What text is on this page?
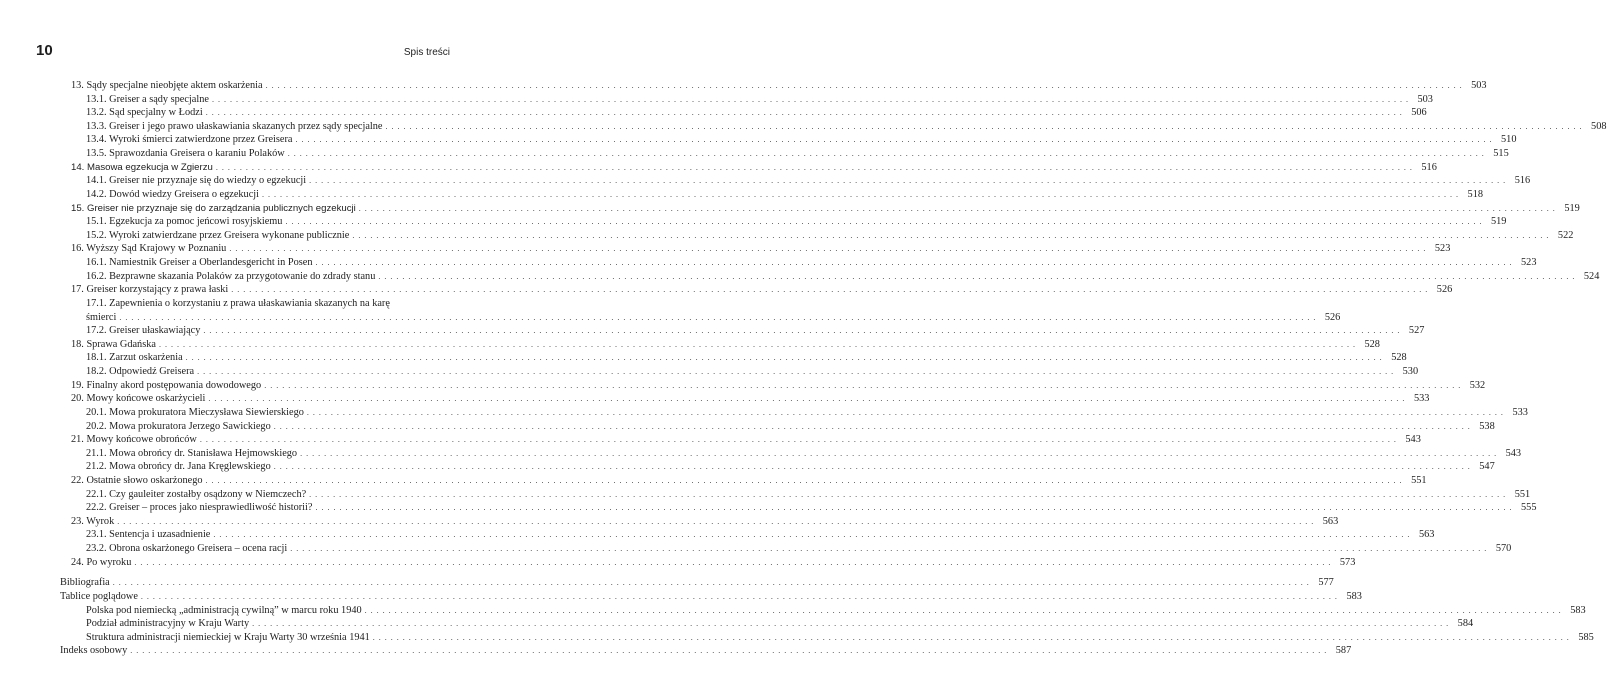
10	Spis treści
13. Sądy specjalne nieobjęte aktem oskarżenia . . . . . . . . . . . . . . . . . . . . . . . . . . . . . . . . . . . . . . . . . . . . . . . . . . . . . . . . . . . . . . . . . . . . . . . . . . . . . . . . . . . . . . . . . . . . . . . . . . . . . . . . . . . . . . . . . . . . . . . . . . . . . . . . . . . . . . . . . . . . . . . . . . . . . . . . . . . . . . . . . . . . . . . . . . . . . . . . . . . . . . . . . . . . . . . . . . . . . . . . 503
13.1. Greiser a sądy specjalne . . . . . . . . . . . . . . . . . . . . . . . . . . . . . . . . . . . . . . . . . . . . . . . . . . . . . . . . . . . . . . . . . . . . . . . . . . . . . . . . . . . . . . . . . . . . . . . . . . . . . . . . . . . . . . . . . . . . . . . . . . . . . . . . . . . . . . . . . . . . . . . . . . . . . . . . . . . . . . . . . . . . . . . . . . . . . . . . . . . . . . . . . . . . . . . . . . . . . . . . 503
13.2. Sąd specjalny w Łodzi . . . . . . . . . . . . . . . . . . . . . . . . . . . . . . . . . . . . . . . . . . . . . . . . . . . . . . . . . . . . . . . . . . . . . . . . . . . . . . . . . . . . . . . . . . . . . . . . . . . . . . . . . . . . . . . . . . . . . . . . . . . . . . . . . . . . . . . . . . . . . . . . . . . . . . . . . . . . . . . . . . . . . . . . . . . . . . . . . . . . . . . . . . . . . . . . . . . . . . . . 506
13.3. Greiser i jego prawo ułaskawiania skazanych przez sądy specjalne . . . . . . . . . . . . . . . . . . . . . . . . . . . . . . . . . . . . . . . . . . . . . . . . . . . . . . . . . . . . . . . . . . . . . . . . . . . . . . . . . . . . . . . . . . . . . . . . . . . . . . . . . . . . . . . . . . . . . . . . . . . . . . . . . . . . . . . . . . . . . . . . . . . . . . . . . . . . . . . . . . . . . . . . . . . . . . . . . . . . . . . . . . . . . . . . . . . . . . . . 508
13.4. Wyroki śmierci zatwierdzone przez Greisera . . . . . . . . . . . . . . . . . . . . . . . . . . . . . . . . . . . . . . . . . . . . . . . . . . . . . . . . . . . . . . . . . . . . . . . . . . . . . . . . . . . . . . . . . . . . . . . . . . . . . . . . . . . . . . . . . . . . . . . . . . . . . . . . . . . . . . . . . . . . . . . . . . . . . . . . . . . . . . . . . . . . . . . . . . . . . . . . . . . . . . . . . . . . . . . . . . . . . . . . 510
13.5. Sprawozdania Greisera o karaniu Polaków . . . . . . . . . . . . . . . . . . . . . . . . . . . . . . . . . . . . . . . . . . . . . . . . . . . . . . . . . . . . . . . . . . . . . . . . . . . . . . . . . . . . . . . . . . . . . . . . . . . . . . . . . . . . . . . . . . . . . . . . . . . . . . . . . . . . . . . . . . . . . . . . . . . . . . . . . . . . . . . . . . . . . . . . . . . . . . . . . . . . . . . . . . . . . . . . . . . . . . . . 515
14. Masowa egzekucja w Zgierzu . . . . . . . . . . . . . . . . . . . . . . . . . . . . . . . . . . . . . . . . . . . . . . . . . . . . . . . . . . . . . . . . . . . . . . . . . . . . . . . . . . . . . . . . . . . . . . . . . . . . . . . . . . . . . . . . . . . . . . . . . . . . . . . . . . . . . . . . . . . . . . . . . . . . . . . . . . . . . . . . . . . . . . . . . . . . . . . . . . . . . . . . . . . . . . . . . . . . . . . . 516
14.1. Greiser nie przyznaje się do wiedzy o egzekucji . . . . . . . . . . . . . . . . . . . . . . . . . . . . . . . . . . . . . . . . . . . . . . . . . . . . . . . . . . . . . . . . . . . . . . . . . . . . . . . . . . . . . . . . . . . . . . . . . . . . . . . . . . . . . . . . . . . . . . . . . . . . . . . . . . . . . . . . . . . . . . . . . . . . . . . . . . . . . . . . . . . . . . . . . . . . . . . . . . . . . . . . . . . . . . . . . . . . . . . . 516
14.2. Dowód wiedzy Greisera o egzekucji . . . . . . . . . . . . . . . . . . . . . . . . . . . . . . . . . . . . . . . . . . . . . . . . . . . . . . . . . . . . . . . . . . . . . . . . . . . . . . . . . . . . . . . . . . . . . . . . . . . . . . . . . . . . . . . . . . . . . . . . . . . . . . . . . . . . . . . . . . . . . . . . . . . . . . . . . . . . . . . . . . . . . . . . . . . . . . . . . . . . . . . . . . . . . . . . . . . . . . . . 518
15. Greiser nie przyznaje się do zarządzania publicznych egzekucji . . . . . . . . . . . . . . . . . . . . . . . . . . . . . . . . . . . . . . . . . . . . . . . . . . . . . . . . . . . . . . . . . . . . . . . . . . . . . . . . . . . . . . . . . . . . . . . . . . . . . . . . . . . . . . . . . . . . . . . . . . . . . . . . . . . . . . . . . . . . . . . . . . . . . . . . . . . . . . . . . . . . . . . . . . . . . . . . . . . . . . . . . . . . . . . . . . . . . . . . 519
15.1. Egzekucja za pomoc jeńcowi rosyjskiemu . . . . . . . . . . . . . . . . . . . . . . . . . . . . . . . . . . . . . . . . . . . . . . . . . . . . . . . . . . . . . . . . . . . . . . . . . . . . . . . . . . . . . . . . . . . . . . . . . . . . . . . . . . . . . . . . . . . . . . . . . . . . . . . . . . . . . . . . . . . . . . . . . . . . . . . . . . . . . . . . . . . . . . . . . . . . . . . . . . . . . . . . . . . . . . . . . . . . . . . . 519
15.2. Wyroki zatwierdzane przez Greisera wykonane publicznie . . . . . . . . . . . . . . . . . . . . . . . . . . . . . . . . . . . . . . . . . . . . . . . . . . . . . . . . . . . . . . . . . . . . . . . . . . . . . . . . . . . . . . . . . . . . . . . . . . . . . . . . . . . . . . . . . . . . . . . . . . . . . . . . . . . . . . . . . . . . . . . . . . . . . . . . . . . . . . . . . . . . . . . . . . . . . . . . . . . . . . . . . . . . . . . . . . . . . . . . 522
16. Wyższy Sąd Krajowy w Poznaniu . . . . . . . . . . . . . . . . . . . . . . . . . . . . . . . . . . . . . . . . . . . . . . . . . . . . . . . . . . . . . . . . . . . . . . . . . . . . . . . . . . . . . . . . . . . . . . . . . . . . . . . . . . . . . . . . . . . . . . . . . . . . . . . . . . . . . . . . . . . . . . . . . . . . . . . . . . . . . . . . . . . . . . . . . . . . . . . . . . . . . . . . . . . . . . . . . . . . . . . . 523
16.1. Namiestnik Greiser a Oberlandesgericht in Posen . . . . . . . . . . . . . . . . . . . . . . . . . . . . . . . . . . . . . . . . . . . . . . . . . . . . . . . . . . . . . . . . . . . . . . . . . . . . . . . . . . . . . . . . . . . . . . . . . . . . . . . . . . . . . . . . . . . . . . . . . . . . . . . . . . . . . . . . . . . . . . . . . . . . . . . . . . . . . . . . . . . . . . . . . . . . . . . . . . . . . . . . . . . . . . . . . . . . . . . . 523
16.2. Bezprawne skazania Polaków za przygotowanie do zdrady stanu . . . . . . . . . . . . . . . . . . . . . . . . . . . . . . . . . . . . . . . . . . . . . . . . . . . . . . . . . . . . . . . . . . . . . . . . . . . . . . . . . . . . . . . . . . . . . . . . . . . . . . . . . . . . . . . . . . . . . . . . . . . . . . . . . . . . . . . . . . . . . . . . . . . . . . . . . . . . . . . . . . . . . . . . . . . . . . . . . . . . . . . . . . . . . . . . . . . . . . . . 524
17. Greiser korzystający z prawa łaski . . . . . . . . . . . . . . . . . . . . . . . . . . . . . . . . . . . . . . . . . . . . . . . . . . . . . . . . . . . . . . . . . . . . . . . . . . . . . . . . . . . . . . . . . . . . . . . . . . . . . . . . . . . . . . . . . . . . . . . . . . . . . . . . . . . . . . . . . . . . . . . . . . . . . . . . . . . . . . . . . . . . . . . . . . . . . . . . . . . . . . . . . . . . . . . . . . . . . . . . 526
17.1. Zapewnienia o korzystaniu z prawa ułaskawiania skazanych na karę
śmierci . . . . . . . . . . . . . . . . . . . . . . . . . . . . . . . . . . . . . . . . . . . . . . . . . . . . . . . . . . . . . . . . . . . . . . . . . . . . . . . . . . . . . . . . . . . . . . . . . . . . . . . . . . . . . . . . . . . . . . . . . . . . . . . . . . . . . . . . . . . . . . . . . . . . . . . . . . . . . . . . . . . . . . . . . . . . . . . . . . . . . . . . . . . . . . . . . . . . . . . . 526
17.2. Greiser ułaskawiający . . . . . . . . . . . . . . . . . . . . . . . . . . . . . . . . . . . . . . . . . . . . . . . . . . . . . . . . . . . . . . . . . . . . . . . . . . . . . . . . . . . . . . . . . . . . . . . . . . . . . . . . . . . . . . . . . . . . . . . . . . . . . . . . . . . . . . . . . . . . . . . . . . . . . . . . . . . . . . . . . . . . . . . . . . . . . . . . . . . . . . . . . . . . . . . . . . . . . . . . 527
18. Sprawa Gdańska . . . . . . . . . . . . . . . . . . . . . . . . . . . . . . . . . . . . . . . . . . . . . . . . . . . . . . . . . . . . . . . . . . . . . . . . . . . . . . . . . . . . . . . . . . . . . . . . . . . . . . . . . . . . . . . . . . . . . . . . . . . . . . . . . . . . . . . . . . . . . . . . . . . . . . . . . . . . . . . . . . . . . . . . . . . . . . . . . . . . . . . . . . . . . . . . . . . . . . . . 528
18.1. Zarzut oskarżenia . . . . . . . . . . . . . . . . . . . . . . . . . . . . . . . . . . . . . . . . . . . . . . . . . . . . . . . . . . . . . . . . . . . . . . . . . . . . . . . . . . . . . . . . . . . . . . . . . . . . . . . . . . . . . . . . . . . . . . . . . . . . . . . . . . . . . . . . . . . . . . . . . . . . . . . . . . . . . . . . . . . . . . . . . . . . . . . . . . . . . . . . . . . . . . . . . . . . . . . . 528
18.2. Odpowiedź Greisera . . . . . . . . . . . . . . . . . . . . . . . . . . . . . . . . . . . . . . . . . . . . . . . . . . . . . . . . . . . . . . . . . . . . . . . . . . . . . . . . . . . . . . . . . . . . . . . . . . . . . . . . . . . . . . . . . . . . . . . . . . . . . . . . . . . . . . . . . . . . . . . . . . . . . . . . . . . . . . . . . . . . . . . . . . . . . . . . . . . . . . . . . . . . . . . . . . . . . . . . 530
19. Finalny akord postępowania dowodowego . . . . . . . . . . . . . . . . . . . . . . . . . . . . . . . . . . . . . . . . . . . . . . . . . . . . . . . . . . . . . . . . . . . . . . . . . . . . . . . . . . . . . . . . . . . . . . . . . . . . . . . . . . . . . . . . . . . . . . . . . . . . . . . . . . . . . . . . . . . . . . . . . . . . . . . . . . . . . . . . . . . . . . . . . . . . . . . . . . . . . . . . . . . . . . . . . . . . . . . . 532
20. Mowy końcowe oskarżycieli . . . . . . . . . . . . . . . . . . . . . . . . . . . . . . . . . . . . . . . . . . . . . . . . . . . . . . . . . . . . . . . . . . . . . . . . . . . . . . . . . . . . . . . . . . . . . . . . . . . . . . . . . . . . . . . . . . . . . . . . . . . . . . . . . . . . . . . . . . . . . . . . . . . . . . . . . . . . . . . . . . . . . . . . . . . . . . . . . . . . . . . . . . . . . . . . . . . . . . . . 533
20.1. Mowa prokuratora Mieczysława Siewierskiego . . . . . . . . . . . . . . . . . . . . . . . . . . . . . . . . . . . . . . . . . . . . . . . . . . . . . . . . . . . . . . . . . . . . . . . . . . . . . . . . . . . . . . . . . . . . . . . . . . . . . . . . . . . . . . . . . . . . . . . . . . . . . . . . . . . . . . . . . . . . . . . . . . . . . . . . . . . . . . . . . . . . . . . . . . . . . . . . . . . . . . . . . . . . . . . . . . . . . . . . 533
20.2. Mowa prokuratora Jerzego Sawickiego . . . . . . . . . . . . . . . . . . . . . . . . . . . . . . . . . . . . . . . . . . . . . . . . . . . . . . . . . . . . . . . . . . . . . . . . . . . . . . . . . . . . . . . . . . . . . . . . . . . . . . . . . . . . . . . . . . . . . . . . . . . . . . . . . . . . . . . . . . . . . . . . . . . . . . . . . . . . . . . . . . . . . . . . . . . . . . . . . . . . . . . . . . . . . . . . . . . . . . . . 538
21. Mowy końcowe obrońców . . . . . . . . . . . . . . . . . . . . . . . . . . . . . . . . . . . . . . . . . . . . . . . . . . . . . . . . . . . . . . . . . . . . . . . . . . . . . . . . . . . . . . . . . . . . . . . . . . . . . . . . . . . . . . . . . . . . . . . . . . . . . . . . . . . . . . . . . . . . . . . . . . . . . . . . . . . . . . . . . . . . . . . . . . . . . . . . . . . . . . . . . . . . . . . . . . . . . . . . 543
21.1. Mowa obrońcy dr. Stanisława Hejmowskiego . . . . . . . . . . . . . . . . . . . . . . . . . . . . . . . . . . . . . . . . . . . . . . . . . . . . . . . . . . . . . . . . . . . . . . . . . . . . . . . . . . . . . . . . . . . . . . . . . . . . . . . . . . . . . . . . . . . . . . . . . . . . . . . . . . . . . . . . . . . . . . . . . . . . . . . . . . . . . . . . . . . . . . . . . . . . . . . . . . . . . . . . . . . . . . . . . . . . . . . . 543
21.2. Mowa obrońcy dr. Jana Kręglewskiego . . . . . . . . . . . . . . . . . . . . . . . . . . . . . . . . . . . . . . . . . . . . . . . . . . . . . . . . . . . . . . . . . . . . . . . . . . . . . . . . . . . . . . . . . . . . . . . . . . . . . . . . . . . . . . . . . . . . . . . . . . . . . . . . . . . . . . . . . . . . . . . . . . . . . . . . . . . . . . . . . . . . . . . . . . . . . . . . . . . . . . . . . . . . . . . . . . . . . . . . 547
22. Ostatnie słowo oskarżonego . . . . . . . . . . . . . . . . . . . . . . . . . . . . . . . . . . . . . . . . . . . . . . . . . . . . . . . . . . . . . . . . . . . . . . . . . . . . . . . . . . . . . . . . . . . . . . . . . . . . . . . . . . . . . . . . . . . . . . . . . . . . . . . . . . . . . . . . . . . . . . . . . . . . . . . . . . . . . . . . . . . . . . . . . . . . . . . . . . . . . . . . . . . . . . . . . . . . . . . . 551
22.1. Czy gauleiter zostałby osądzony w Niemczech? . . . . . . . . . . . . . . . . . . . . . . . . . . . . . . . . . . . . . . . . . . . . . . . . . . . . . . . . . . . . . . . . . . . . . . . . . . . . . . . . . . . . . . . . . . . . . . . . . . . . . . . . . . . . . . . . . . . . . . . . . . . . . . . . . . . . . . . . . . . . . . . . . . . . . . . . . . . . . . . . . . . . . . . . . . . . . . . . . . . . . . . . . . . . . . . . . . . . . . . . 551
22.2. Greiser – proces jako niesprawiedliwość historii? . . . . . . . . . . . . . . . . . . . . . . . . . . . . . . . . . . . . . . . . . . . . . . . . . . . . . . . . . . . . . . . . . . . . . . . . . . . . . . . . . . . . . . . . . . . . . . . . . . . . . . . . . . . . . . . . . . . . . . . . . . . . . . . . . . . . . . . . . . . . . . . . . . . . . . . . . . . . . . . . . . . . . . . . . . . . . . . . . . . . . . . . . . . . . . . . . . . . . . . . 555
23. Wyrok . . . . . . . . . . . . . . . . . . . . . . . . . . . . . . . . . . . . . . . . . . . . . . . . . . . . . . . . . . . . . . . . . . . . . . . . . . . . . . . . . . . . . . . . . . . . . . . . . . . . . . . . . . . . . . . . . . . . . . . . . . . . . . . . . . . . . . . . . . . . . . . . . . . . . . . . . . . . . . . . . . . . . . . . . . . . . . . . . . . . . . . . . . . . . . . . . . . . . . . . 563
23.1. Sentencja i uzasadnienie . . . . . . . . . . . . . . . . . . . . . . . . . . . . . . . . . . . . . . . . . . . . . . . . . . . . . . . . . . . . . . . . . . . . . . . . . . . . . . . . . . . . . . . . . . . . . . . . . . . . . . . . . . . . . . . . . . . . . . . . . . . . . . . . . . . . . . . . . . . . . . . . . . . . . . . . . . . . . . . . . . . . . . . . . . . . . . . . . . . . . . . . . . . . . . . . . . . . . . . . 563
23.2. Obrona oskarżonego Greisera – ocena racji . . . . . . . . . . . . . . . . . . . . . . . . . . . . . . . . . . . . . . . . . . . . . . . . . . . . . . . . . . . . . . . . . . . . . . . . . . . . . . . . . . . . . . . . . . . . . . . . . . . . . . . . . . . . . . . . . . . . . . . . . . . . . . . . . . . . . . . . . . . . . . . . . . . . . . . . . . . . . . . . . . . . . . . . . . . . . . . . . . . . . . . . . . . . . . . . . . . . . . . . 570
24. Po wyroku . . . . . . . . . . . . . . . . . . . . . . . . . . . . . . . . . . . . . . . . . . . . . . . . . . . . . . . . . . . . . . . . . . . . . . . . . . . . . . . . . . . . . . . . . . . . . . . . . . . . . . . . . . . . . . . . . . . . . . . . . . . . . . . . . . . . . . . . . . . . . . . . . . . . . . . . . . . . . . . . . . . . . . . . . . . . . . . . . . . . . . . . . . . . . . . . . . . . . . . . 573
Bibliografia . . . . . . . . . . . . . . . . . . . . . . . . . . . . . . . . . . . . . . . . . . . . . . . . . . . . . . . . . . . . . . . . . . . . . . . . . . . . . . . . . . . . . . . . . . . . . . . . . . . . . . . . . . . . . . . . . . . . . . . . . . . . . . . . . . . . . . . . . . . . . . . . . . . . . . . . . . . . . . . . . . . . . . . . . . . . . . . . . . . . . . . . . . . . . . . . . . . . . . . . 577
Tablice poglądowe . . . . . . . . . . . . . . . . . . . . . . . . . . . . . . . . . . . . . . . . . . . . . . . . . . . . . . . . . . . . . . . . . . . . . . . . . . . . . . . . . . . . . . . . . . . . . . . . . . . . . . . . . . . . . . . . . . . . . . . . . . . . . . . . . . . . . . . . . . . . . . . . . . . . . . . . . . . . . . . . . . . . . . . . . . . . . . . . . . . . . . . . . . . . . . . . . . . . . . . . 583
Polska pod niemiecką „administracją cywilną” w marcu roku 1940 . . . . . . . . . . . . . . . . . . . . . . . . . . . . . . . . . . . . . . . . . . . . . . . . . . . . . . . . . . . . . . . . . . . . . . . . . . . . . . . . . . . . . . . . . . . . . . . . . . . . . . . . . . . . . . . . . . . . . . . . . . . . . . . . . . . . . . . . . . . . . . . . . . . . . . . . . . . . . . . . . . . . . . . . . . . . . . . . . . . . . . . . . . . . . . . . . . . . . . . . 583
Podział administracyjny w Kraju Warty . . . . . . . . . . . . . . . . . . . . . . . . . . . . . . . . . . . . . . . . . . . . . . . . . . . . . . . . . . . . . . . . . . . . . . . . . . . . . . . . . . . . . . . . . . . . . . . . . . . . . . . . . . . . . . . . . . . . . . . . . . . . . . . . . . . . . . . . . . . . . . . . . . . . . . . . . . . . . . . . . . . . . . . . . . . . . . . . . . . . . . . . . . . . . . . . . . . . . . . . 584
Struktura administracji niemieckiej w Kraju Warty 30 września 1941 . . . . . . . . . . . . . . . . . . . . . . . . . . . . . . . . . . . . . . . . . . . . . . . . . . . . . . . . . . . . . . . . . . . . . . . . . . . . . . . . . . . . . . . . . . . . . . . . . . . . . . . . . . . . . . . . . . . . . . . . . . . . . . . . . . . . . . . . . . . . . . . . . . . . . . . . . . . . . . . . . . . . . . . . . . . . . . . . . . . . . . . . . . . . . . . . . . . . . . . . 585
Indeks osobowy . . . . . . . . . . . . . . . . . . . . . . . . . . . . . . . . . . . . . . . . . . . . . . . . . . . . . . . . . . . . . . . . . . . . . . . . . . . . . . . . . . . . . . . . . . . . . . . . . . . . . . . . . . . . . . . . . . . . . . . . . . . . . . . . . . . . . . . . . . . . . . . . . . . . . . . . . . . . . . . . . . . . . . . . . . . . . . . . . . . . . . . . . . . . . . . . . . . . . . . . 587
